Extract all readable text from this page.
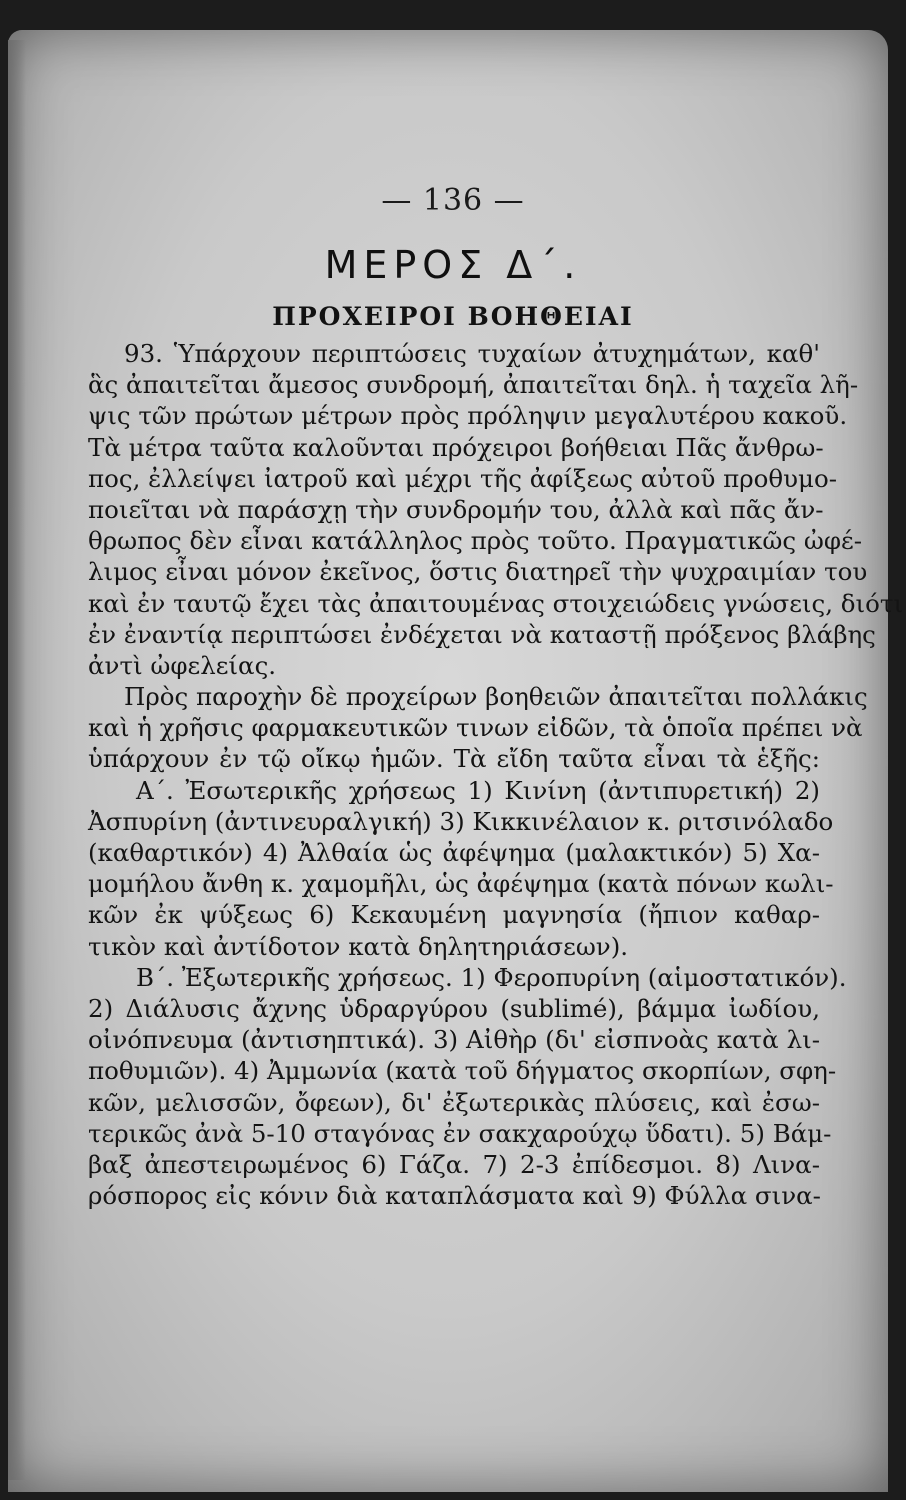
— 136 —
ΜΕΡΟΣ Δ΄.
ΠΡΟΧΕΙΡΟΙ ΒΟΗΘΕΙΑΙ
93. Ὑπάρχουν περιπτώσεις τυχαίων ἀτυχημάτων, καθ'
ἃς ἀπαιτεῖται ἄμεσος συνδρομή, ἀπαιτεῖται δηλ. ἡ ταχεῖα λῆ-
ψις τῶν πρώτων μέτρων πρὸς πρόληψιν μεγαλυτέρου κακοῦ.
Τὰ μέτρα ταῦτα καλοῦνται πρόχειροι βοήθειαι Πᾶς ἄνθρω-
πος, ἐλλείψει ἰατροῦ καὶ μέχρι τῆς ἀφίξεως αὐτοῦ προθυμο-
ποιεῖται νὰ παράσχῃ τὴν συνδρομήν του, ἀλλὰ καὶ πᾶς ἄν-
θρωπος δὲν εἶναι κατάλληλος πρὸς τοῦτο. Πραγματικῶς ὠφέ-
λιμος εἶναι μόνον ἐκεῖνος, ὅστις διατηρεῖ τὴν ψυχραιμίαν του
καὶ ἐν ταυτῷ ἔχει τὰς ἀπαιτουμένας στοιχειώδεις γνώσεις, διότι
ἐν ἐναντίᾳ περιπτώσει ἐνδέχεται νὰ καταστῇ πρόξενος βλάβης
ἀντὶ ὠφελείας.
Πρὸς παροχὴν δὲ προχείρων βοηθειῶν ἀπαιτεῖται πολλάκις
καὶ ἡ χρῆσις φαρμακευτικῶν τινων εἰδῶν, τὰ ὁποῖα πρέπει νὰ
ὑπάρχουν ἐν τῷ οἴκῳ ἡμῶν. Τὰ εἴδη ταῦτα εἶναι τὰ ἑξῆς:
Α΄. Ἐσωτερικῆς χρήσεως 1) Κινίνη (ἀντιπυρετική) 2)
Ἀσπυρίνη (ἀντινευραλγική) 3) Κικκινέλαιον κ. ριτσινόλαδο
(καθαρτικόν) 4) Ἀλθαία ὡς ἀφέψημα (μαλακτικόν) 5) Χα-
μομήλου ἄνθη κ. χαμομῆλι, ὡς ἀφέψημα (κατὰ πόνων κωλι-
κῶν ἐκ ψύξεως 6) Κεκαυμένη μαγνησία (ἤπιον καθαρ-
τικὸν καὶ ἀντίδοτον κατὰ δηλητηριάσεων).
Β΄. Ἐξωτερικῆς χρήσεως. 1) Φεροπυρίνη (αἱμοστατικόν).
2) Διάλυσις ἄχνης ὑδραργύρου (sublimé), βάμμα ἰωδίου,
οἰνόπνευμα (ἀντισηπτικά). 3) Αἰθὴρ (δι' εἰσπνοὰς κατὰ λι-
ποθυμιῶν). 4) Ἀμμωνία (κατὰ τοῦ δήγματος σκορπίων, σφη-
κῶν, μελισσῶν, ὄφεων), δι' ἐξωτερικὰς πλύσεις, καὶ ἐσω-
τερικῶς ἀνὰ 5-10 σταγόνας ἐν σακχαρούχῳ ὕδατι). 5) Βάμ-
βαξ ἀπεστειρωμένος 6) Γάζα. 7) 2-3 ἐπίδεσμοι. 8) Λινα-
ρόσπορος εἰς κόνιν διὰ καταπλάσματα καὶ 9) Φύλλα σινα-
